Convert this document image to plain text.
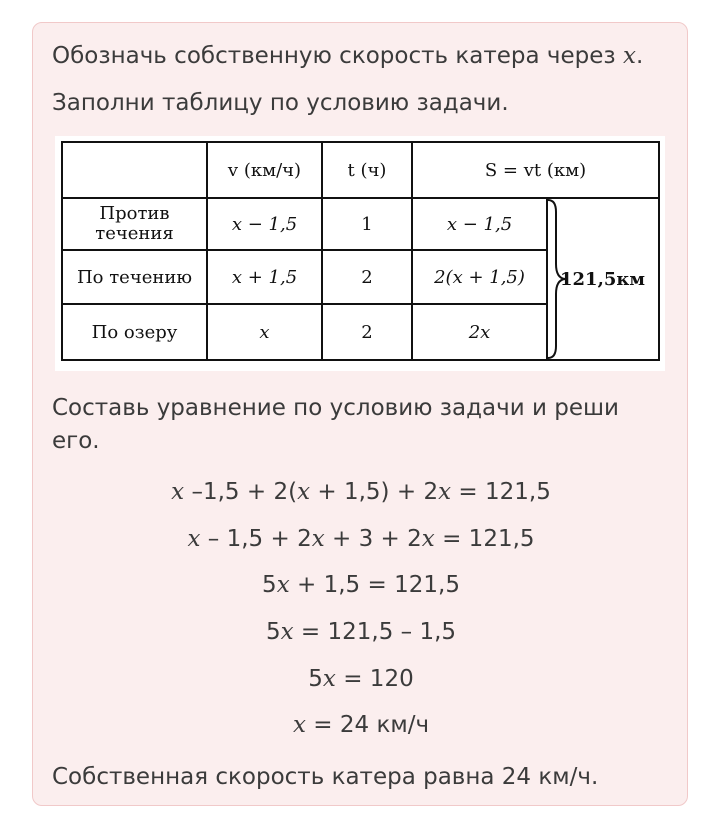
Обозначь собственную скорость катера через x.
Заполни таблицу по условию задачи.
	v (км/ч)	t (ч)	S = vt (км)	

Против
течения	x − 1,5	1	x − 1,5	121,5км
По течению	x + 1,5	2	2(x + 1,5)	
По озеру	x	2	2x	
Составь уравнение по условию задачи и реши
его.
x –1,5 + 2(x + 1,5) + 2x = 121,5
x – 1,5 + 2x + 3 + 2x = 121,5
5x + 1,5 = 121,5
5x = 121,5 – 1,5
5x = 120
x = 24 км/ч
Собственная скорость катера равна 24 км/ч.
